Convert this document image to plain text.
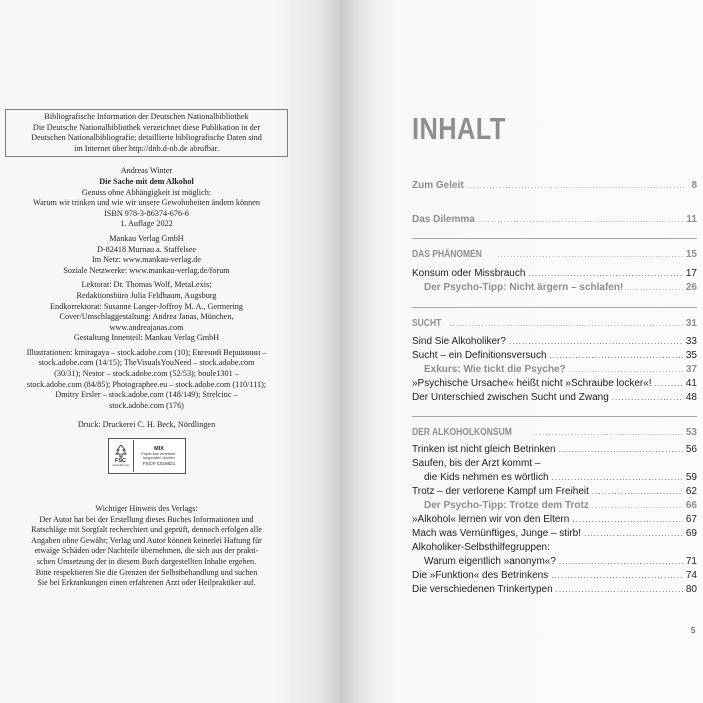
Bibliografische Information der Deutschen Nationalbibliothek
Die Deutsche Nationalbibliothek verzeichnet diese Publikation in der
Deutschen Nationalbibliografie; detaillierte bibliografische Daten sind
im Internet über http://dnb.d-nb.de abrufbar.
Andreas Winter
Die Sache mit dem Alkohol
Genuss ohne Abhängigkeit ist möglich:
Warum wir trinken und wie wir unsere Gewohnheiten ändern können
ISBN 978-3-86374-676-6
1. Auflage 2022
Mankau Verlag GmbH
D-82418 Murnau a. Staffelsee
Im Netz: www.mankau-verlag.de
Soziale Netzwerke: www.mankau-verlag.de/forum
Lektorat: Dr. Thomas Wolf, MetaLexis;
Redaktionsbüro Julia Feldbaum, Augsburg
Endkorrektorat: Susanne Langer-Joffroy M. A., Germering
Cover/Umschlaggestaltung: Andrea Janas, München,
www.andreajanas.com
Gestaltung Innenteil: Mankau Verlag GmbH
Illustrationen: kmiragaya – stock.adobe.com (10); Евгений Вершинин –
stock.adobe.com (14/15); TheVisualsYouNeed – stock.adobe.com
(30/31); Nestor – stock.adobe.com (52/53); boule1301 –
stock.adobe.com (84/85); Photographee.eu – stock.adobe.com (110/111);
Dmitry Ersler – stock.adobe.com (148/149); Strelciuc –
stock.adobe.com (176)
Druck: Druckerei C. H. Beck, Nördlingen
FSC
www.fsc.org
MIX
Papier aus verantwor-
tungsvollen Quellen
FSC® C019821
Wichtiger Hinweis des Verlags:
Der Autor hat bei der Erstellung dieses Buches Informationen und
Ratschläge mit Sorgfalt recherchiert und geprüft, dennoch erfolgen alle
Angaben ohne Gewähr; Verlag und Autor können keinerlei Haftung für
etwaige Schäden oder Nachteile übernehmen, die sich aus der prakti-
schen Umsetzung der in diesem Buch dargestellten Inhalte ergeben.
Bitte respektieren Sie die Grenzen der Selbstbehandlung und suchen
Sie bei Erkrankungen einen erfahrenen Arzt oder Heilpraktiker auf.
INHALT
Zum Geleit .....	8
Das Dilemma .....	11
DAS PHÄNOMEN .....	15
Konsum oder Missbrauch .....	17
Der Psycho-Tipp: Nicht ärgern – schlafen! .....	26
SUCHT .....	31
Sind Sie Alkoholiker? .....	33
Sucht – ein Definitionsversuch .....	35
Exkurs: Wie tickt die Psyche? .....	37
»Psychische Ursache« heißt nicht »Schraube locker«! .....	41
Der Unterschied zwischen Sucht und Zwang .....	48
DER ALKOHOLKONSUM .....	53
Trinken ist nicht gleich Betrinken .....	56
Saufen, bis der Arzt kommt –
die Kids nehmen es wörtlich .....	59
Trotz – der verlorene Kampf um Freiheit .....	62
Der Psycho-Tipp: Trotze dem Trotz .....	66
»Alkohol« lernen wir von den Eltern .....	67
Mach was Vernünftiges, Junge – stirb! .....	69
Alkoholiker-Selbsthilfegruppen:
Warum eigentlich »anonym«? .....	71
Die »Funktion« des Betrinkens .....	74
Die verschiedenen Trinkertypen .....	80
5
